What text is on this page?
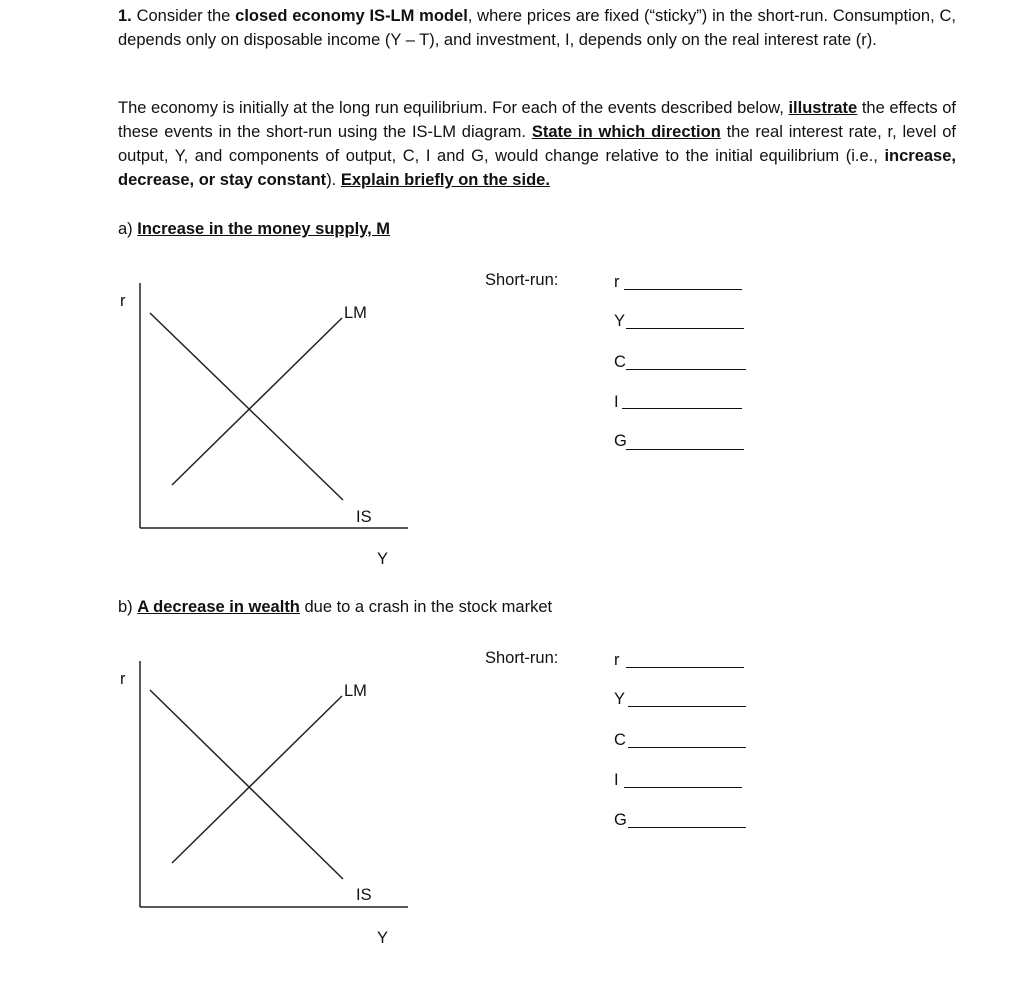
1. Consider the closed economy IS-LM model, where prices are fixed (“sticky”) in the short-run. Consumption, C, depends only on disposable income (Y – T), and investment, I, depends only on the real interest rate (r).
The economy is initially at the long run equilibrium. For each of the events described below, illustrate the effects of these events in the short-run using the IS-LM diagram. State in which direction the real interest rate, r, level of output, Y, and components of output, C, I and G, would change relative to the initial equilibrium (i.e., increase, decrease, or stay constant). Explain briefly on the side.
a) Increase in the money supply, M
r
LM
IS
Y
Short-run:	r
Y
C
I
G
b) A decrease in wealth due to a crash in the stock market
r
LM
IS
Y
Short-run:	r
Y
C
I
G
